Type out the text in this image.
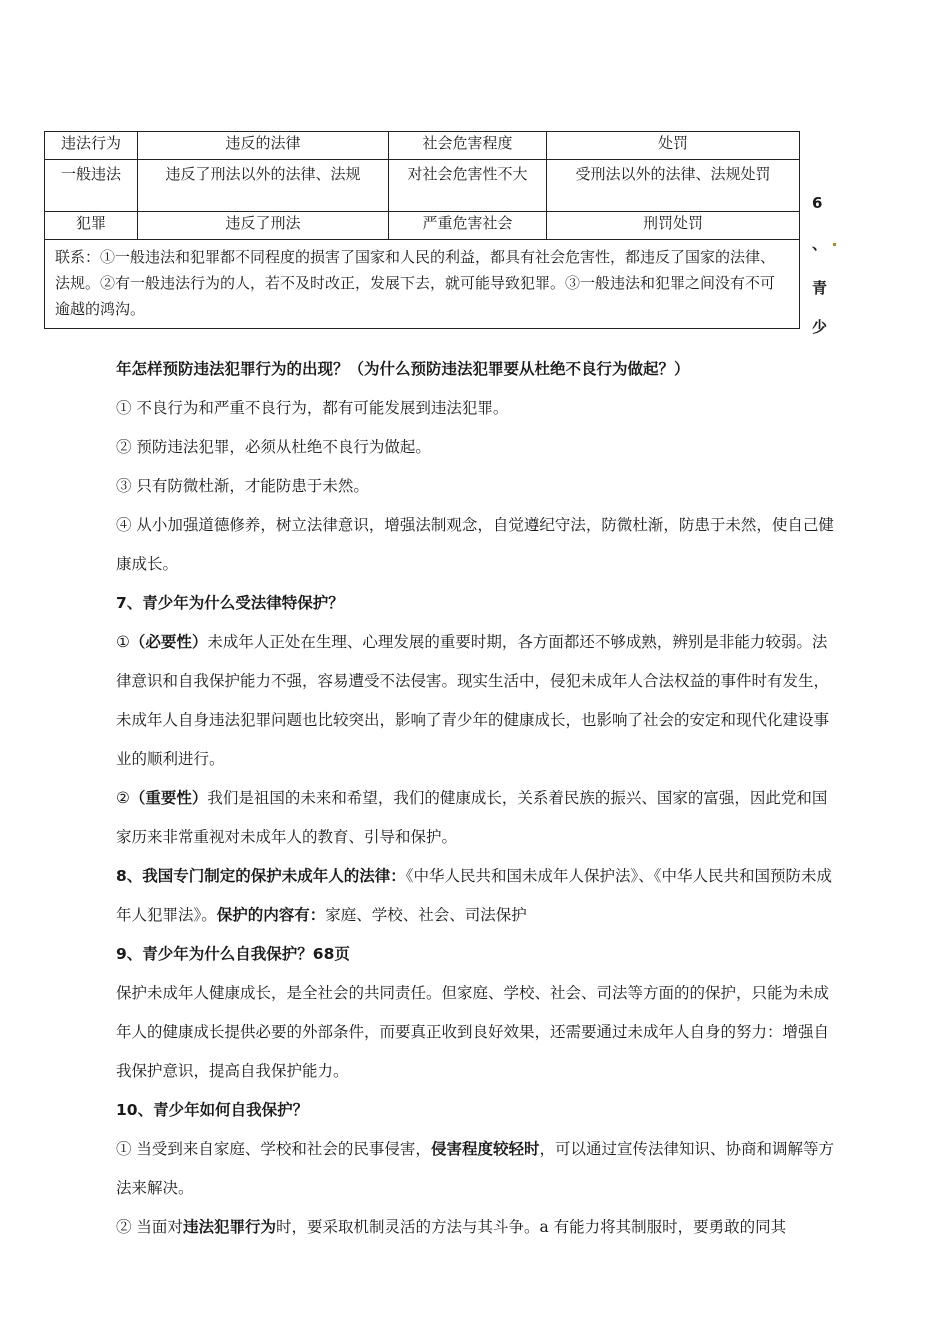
违法行为	违反的法律	社会危害程度	处罚
一般违法	违反了刑法以外的法律、法规	对社会危害性不大	受刑法以外的法律、法规处罚
犯罪	违反了刑法	严重危害社会	刑罚处罚
联系：①一般违法和犯罪都不同程度的损害了国家和人民的利益，都具有社会危害性，都违反了国家的法律、法规。②有一般违法行为的人，若不及时改正，发展下去，就可能导致犯罪。③一般违法和犯罪之间没有不可逾越的鸿沟。			
6
、
青
少

年怎样预防违法犯罪行为的出现？（为什么预防违法犯罪要从杜绝不良行为做起？）

① 不良行为和严重不良行为，都有可能发展到违法犯罪。

② 预防违法犯罪，必须从杜绝不良行为做起。

③ 只有防微杜渐，才能防患于未然。

④ 从小加强道德修养，树立法律意识，增强法制观念，自觉遵纪守法，防微杜渐，防患于未然，使自己健康成长。

7、青少年为什么受法律特保护？

①（必要性）未成年人正处在生理、心理发展的重要时期，各方面都还不够成熟，辨别是非能力较弱。法律意识和自我保护能力不强，容易遭受不法侵害。现实生活中，侵犯未成年人合法权益的事件时有发生，未成年人自身违法犯罪问题也比较突出，影响了青少年的健康成长，也影响了社会的安定和现代化建设事业的顺利进行。

②（重要性）我们是祖国的未来和希望，我们的健康成长，关系着民族的振兴、国家的富强，因此党和国家历来非常重视对未成年人的教育、引导和保护。

8、我国专门制定的保护未成年人的法律：《中华人民共和国未成年人保护法》、《中华人民共和国预防未成年人犯罪法》。保护的内容有：家庭、学校、社会、司法保护

9、青少年为什么自我保护？68页

保护未成年人健康成长，是全社会的共同责任。但家庭、学校、社会、司法等方面的的保护，只能为未成年人的健康成长提供必要的外部条件，而要真正收到良好效果，还需要通过未成年人自身的努力：增强自我保护意识，提高自我保护能力。

10、青少年如何自我保护？

① 当受到来自家庭、学校和社会的民事侵害，侵害程度较轻时，可以通过宣传法律知识、协商和调解等方法来解决。

② 当面对违法犯罪行为时，要采取机制灵活的方法与其斗争。a 有能力将其制服时，要勇敢的同其
